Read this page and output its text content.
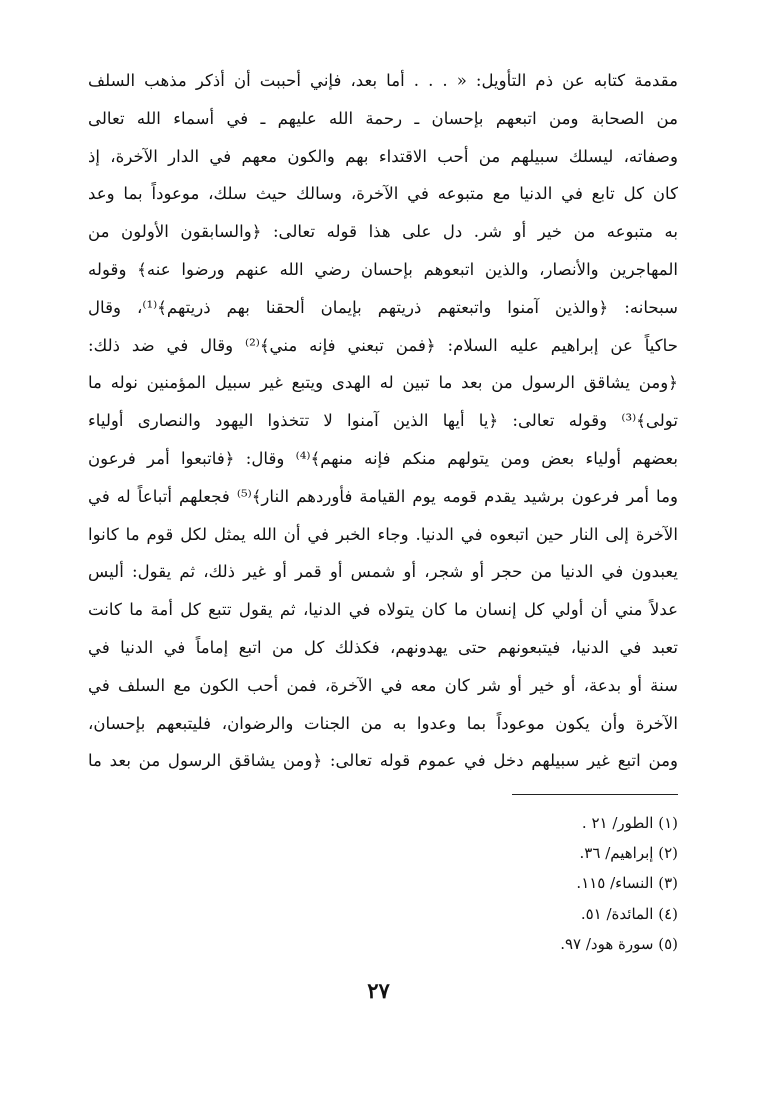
مقدمة كتابه عن ذم التأويل: « . . . أما بعد، فإني أحببت أن أذكر مذهب السلف
من الصحابة ومن اتبعهم بإحسان ـ رحمة الله عليهم ـ في أسماء الله تعالى
وصفاته، ليسلك سبيلهم من أحب الاقتداء بهم والكون معهم في الدار الآخرة، إذ
كان كل تابع في الدنيا مع متبوعه في الآخرة، وسالك حيث سلك، موعوداً بما وعد
به متبوعه من خير أو شر. دل على هذا قوله تعالى: ﴿والسابقون الأولون من
المهاجرين والأنصار، والذين اتبعوهم بإحسان رضي الله عنهم ورضوا عنه﴾ وقوله
سبحانه: ﴿والذين آمنوا واتبعتهم ذريتهم بإيمان ألحقنا بهم ذريتهم﴾⁽¹⁾، وقال
حاكياً عن إبراهيم عليه السلام: ﴿فمن تبعني فإنه مني﴾⁽²⁾ وقال في ضد ذلك:
﴿ومن يشاقق الرسول من بعد ما تبين له الهدى ويتبع غير سبيل المؤمنين نوله ما
تولى﴾⁽³⁾ وقوله تعالى: ﴿يا أيها الذين آمنوا لا تتخذوا اليهود والنصارى أولياء
بعضهم أولياء بعض ومن يتولهم منكم فإنه منهم﴾⁽⁴⁾ وقال: ﴿فاتبعوا أمر فرعون
وما أمر فرعون برشيد يقدم قومه يوم القيامة فأوردهم النار﴾⁽⁵⁾ فجعلهم أتباعاً له في
الآخرة إلى النار حين اتبعوه في الدنيا. وجاء الخبر في أن الله يمثل لكل قوم ما كانوا
يعبدون في الدنيا من حجر أو شجر، أو شمس أو قمر أو غير ذلك، ثم يقول: أليس
عدلاً مني أن أولي كل إنسان ما كان يتولاه في الدنيا، ثم يقول تتبع كل أمة ما كانت
تعبد في الدنيا، فيتبعونهم حتى يهدونهم، فكذلك كل من اتبع إماماً في الدنيا في
سنة أو بدعة، أو خير أو شر كان معه في الآخرة، فمن أحب الكون مع السلف في
الآخرة وأن يكون موعوداً بما وعدوا به من الجنات والرضوان، فليتبعهم بإحسان،
ومن اتبع غير سبيلهم دخل في عموم قوله تعالى: ﴿ومن يشاقق الرسول من بعد ما
(١) الطور/ ٢١ .
(٢) إبراهيم/ ٣٦.
(٣) النساء/ ١١٥.
(٤) المائدة/ ٥١.
(٥) سورة هود/ ٩٧.
٢٧
